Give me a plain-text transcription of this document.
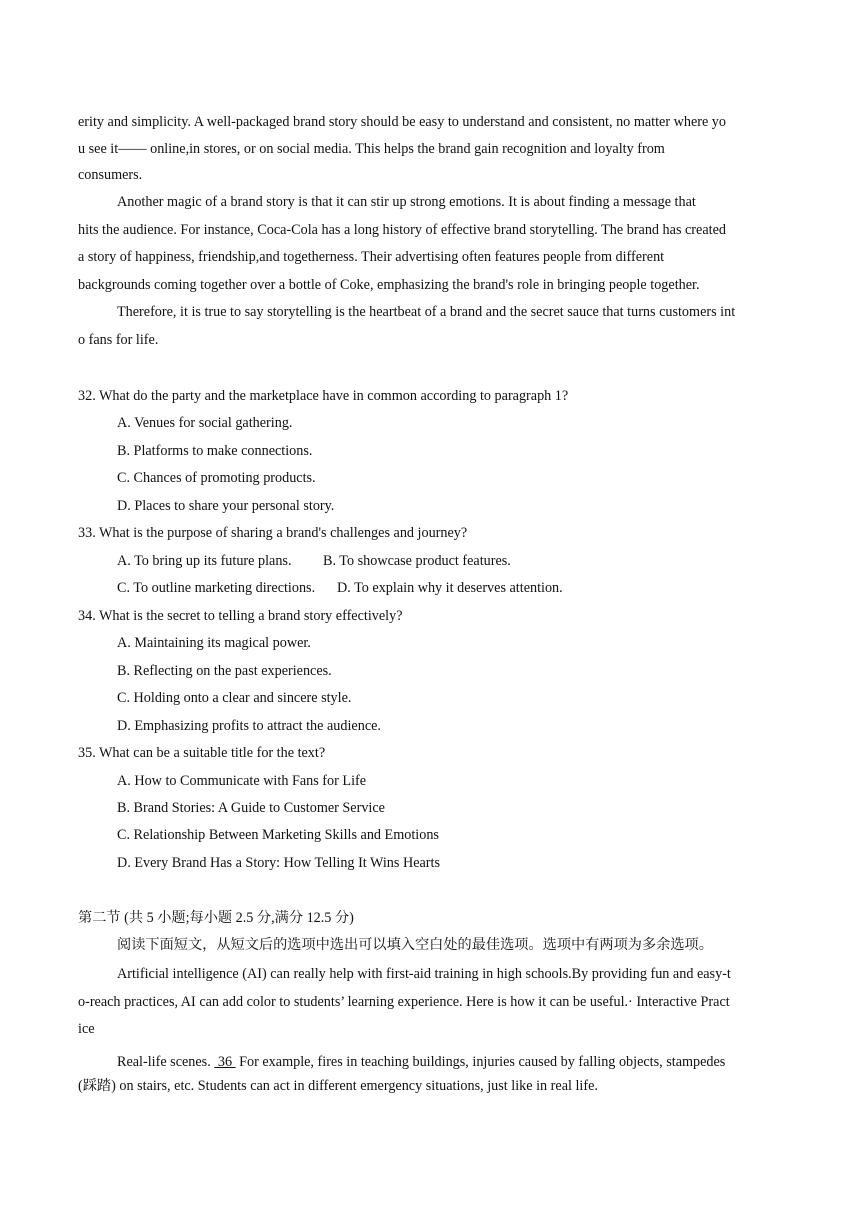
erity and simplicity. A well-packaged brand story should be easy to understand and consistent, no matter where yo
u see it—— online,in stores, or on social media. This helps the brand gain recognition and loyalty from
consumers.
Another magic of a brand story is that it can stir up strong emotions. It is about finding a message that
hits the audience. For instance, Coca-Cola has a long history of effective brand storytelling. The brand has created
a story of happiness, friendship,and togetherness. Their advertising often features people from different
backgrounds coming together over a bottle of Coke, emphasizing the brand's role in bringing people together.
Therefore, it is true to say storytelling is the heartbeat of a brand and the secret sauce that turns customers int
o fans for life.
32. What do the party and the marketplace have in common according to paragraph 1?
A. Venues for social gathering.
B. Platforms to make connections.
C. Chances of promoting products.
D. Places to share your personal story.
33. What is the purpose of sharing a brand's challenges and journey?
A. To bring up its future plans. B. To showcase product features.
C. To outline marketing directions. D. To explain why it deserves attention.
34. What is the secret to telling a brand story effectively?
A. Maintaining its magical power.
B. Reflecting on the past experiences.
C. Holding onto a clear and sincere style.
D. Emphasizing profits to attract the audience.
35. What can be a suitable title for the text?
A. How to Communicate with Fans for Life
B. Brand Stories: A Guide to Customer Service
C. Relationship Between Marketing Skills and Emotions
D. Every Brand Has a Story: How Telling It Wins Hearts
第二节 (共 5 小题;每小题 2.5 分,满分 12.5 分)
阅读下面短文，从短文后的选项中选出可以填入空白处的最佳选项。选项中有两项为多余选项。
Artificial intelligence (AI) can really help with first-aid training in high schools.By providing fun and easy-t
o-reach practices, AI can add color to students’ learning experience. Here is how it can be useful.· Interactive Pract
ice
Real-life scenes.  36  For example, fires in teaching buildings, injuries caused by falling objects, stampedes
(踩踏) on stairs, etc. Students can act in different emergency situations, just like in real life.
